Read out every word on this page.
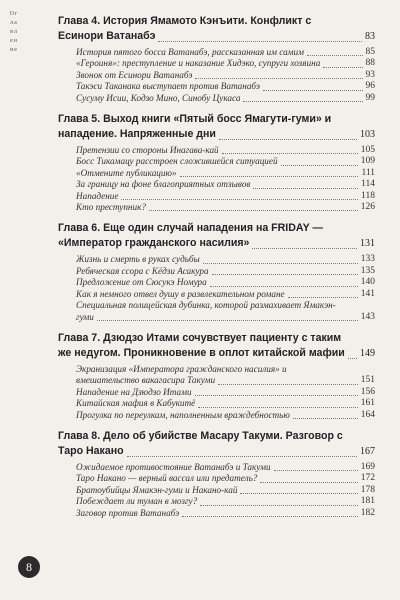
Оглавление
Глава 4. История Ямамото Кэнъити. Конфликт с Есинори Ватанабэ	83
История пятого босса Ватанабэ, рассказанная им самим	85
«Героиня»: преступление и наказание Хидэко, супруги хозяина	88
Звонок от Есинори Ватанабэ	93
Такэси Таканака выступает против Ватанабэ	96
Сусуму Исии, Кодзо Мино, Синобу Цукаса	99
Глава 5. Выход книги «Пятый босс Ямагути-гуми» и нападение. Напряженные дни	103
Претензии со стороны Инагава-кай	105
Босс Тикамацу расстроен сложившейся ситуацией	109
«Отмените публикацию»	111
За границу на фоне благоприятных отзывов	114
Нападение	118
Кто преступник?	126
Глава 6. Еще один случай нападения на FRIDAY — «Император гражданского насилия»	131
Жизнь и смерть в руках судьбы	133
Ребяческая ссора с Кёдзи Асакура	135
Предложение от Сюсукэ Номура	140
Как я немного отвел душу в развлекательном романе	141
Специальная полицейская дубинка, которой размахивает Ямакэн-гуми	143
Глава 7. Дзюдзо Итами сочувствует пациенту с таким же недугом. Проникновение в оплот китайской мафии 149
Экранизация «Императора гражданского насилия» и вмешательство вакагасира Такуми	151
Нападение на Дзюдзо Итами	156
Китайская мафия в Кабукитё	161
Прогулка по переулкам, наполненным враждебностью	164
Глава 8. Дело об убийстве Масару Такуми. Разговор с Таро Накано	167
Ожидаемое противостояние Ватанабэ и Такуми	169
Таро Накано — верный вассал или предатель?	172
Братоубийцы Ямакэн-гуми и Накано-кай	178
Побеждает ли туман в мозгу?	181
Заговор против Ватанабэ	182
8
